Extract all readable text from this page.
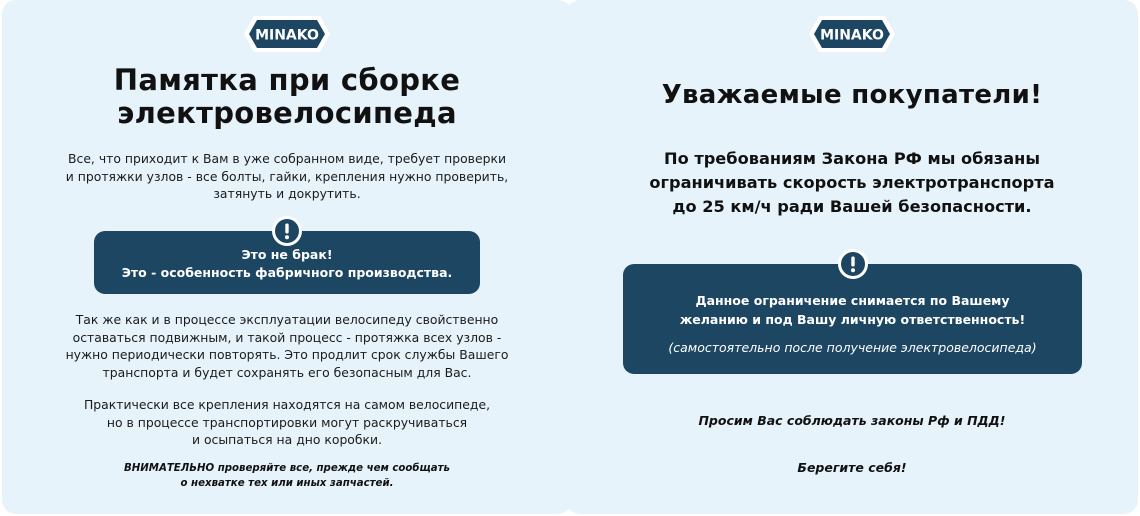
MINAKO
Памятка при сборке
электровелосипеда

Все, что приходит к Вам в уже собранном виде, требует проверки
и протяжки узлов - все болты, гайки, крепления нужно проверить,
затянуть и докрутить.

Это не брак!
Это - особенность фабричного производства.

Так же как и в процессе эксплуатации велосипеду свойственно
оставаться подвижным, и такой процесс - протяжка всех узлов -
нужно периодически повторять. Это продлит срок службы Вашего
транспорта и будет сохранять его безопасным для Вас.

Практически все крепления находятся на самом велосипеде,
но в процессе транспортировки могут раскручиваться
и осыпаться на дно коробки.

ВНИМАТЕЛЬНО проверяйте все, прежде чем сообщать
о нехватке тех или иных запчастей.

MINAKO
Уважаемые покупатели!

По требованиям Закона РФ мы обязаны
ограничивать скорость электротранспорта
до 25 км/ч ради Вашей безопасности.

Данное ограничение снимается по Вашему
желанию и под Вашу личную ответственность!
(самостоятельно после получение электровелосипеда)

Просим Вас соблюдать законы Рф и ПДД!

Берегите себя!
